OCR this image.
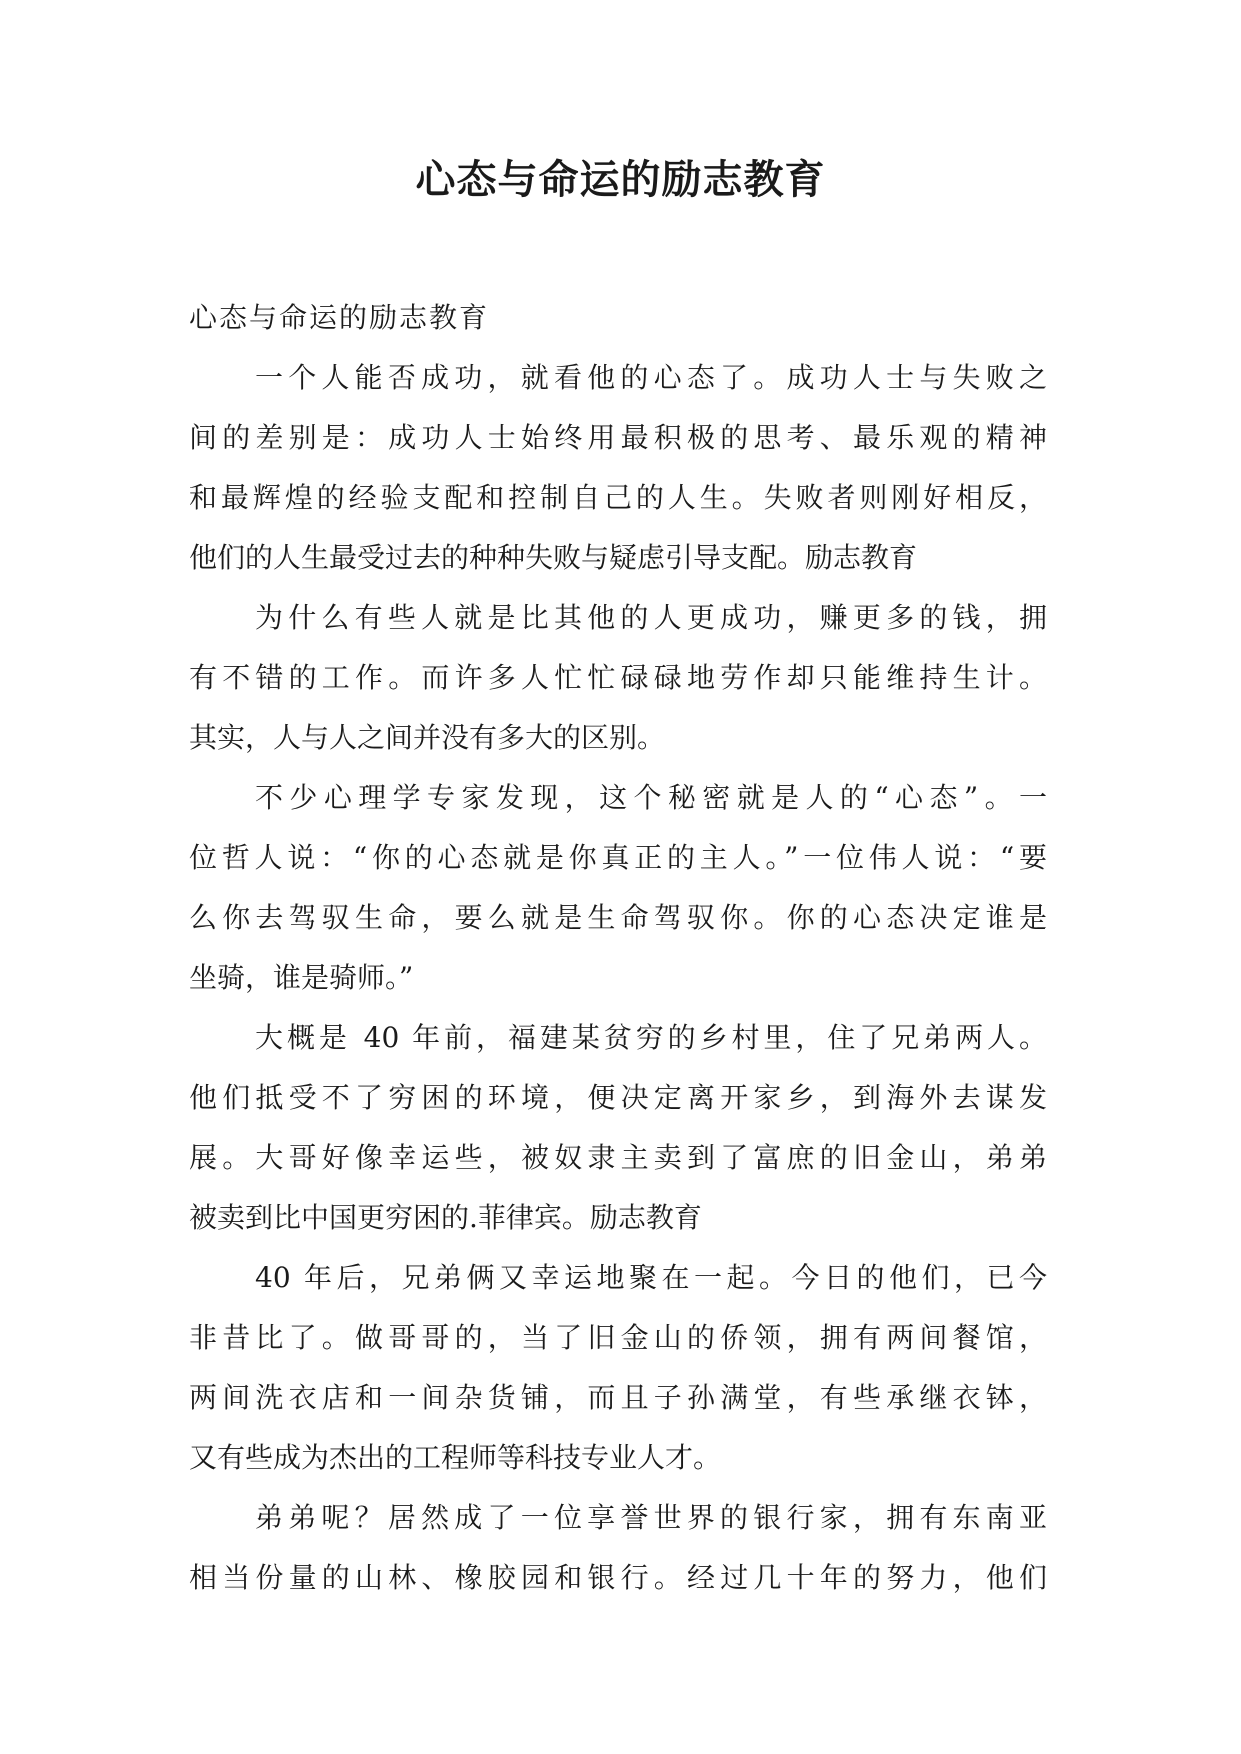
心态与命运的励志教育
心态与命运的励志教育
一个人能否成功，就看他的心态了。成功人士与失败之
间的差别是：成功人士始终用最积极的思考、最乐观的精神
和最辉煌的经验支配和控制自己的人生。失败者则刚好相反，
他们的人生最受过去的种种失败与疑虑引导支配。励志教育
为什么有些人就是比其他的人更成功，赚更多的钱，拥
有不错的工作。而许多人忙忙碌碌地劳作却只能维持生计。
其实，人与人之间并没有多大的区别。
不少心理学专家发现，这个秘密就是人的“心态”。一
位哲人说：“你的心态就是你真正的主人。”一位伟人说：“要
么你去驾驭生命，要么就是生命驾驭你。你的心态决定谁是
坐骑，谁是骑师。”
大概是 40 年前，福建某贫穷的乡村里，住了兄弟两人。
他们抵受不了穷困的环境，便决定离开家乡，到海外去谋发
展。大哥好像幸运些，被奴隶主卖到了富庶的旧金山，弟弟
被卖到比中国更穷困的.菲律宾。励志教育
40 年后，兄弟俩又幸运地聚在一起。今日的他们，已今
非昔比了。做哥哥的，当了旧金山的侨领，拥有两间餐馆，
两间洗衣店和一间杂货铺，而且子孙满堂，有些承继衣钵，
又有些成为杰出的工程师等科技专业人才。
弟弟呢？居然成了一位享誉世界的银行家，拥有东南亚
相当份量的山林、橡胶园和银行。经过几十年的努力，他们
